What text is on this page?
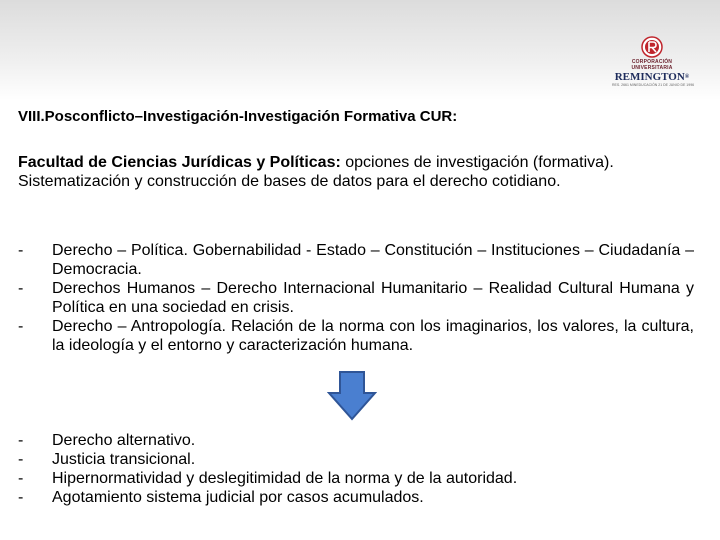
CORPORACIÓN
UNIVERSITARIA
REMINGTON®
RES. 2661 MINEDUCACIÓN 21 DE JUNIO DE 1996
VIII.Posconflicto–Investigación-Investigación Formativa CUR:

Facultad de Ciencias Jurídicas y Políticas: opciones de investigación (formativa).

Sistematización y construcción de bases de datos para el derecho cotidiano.

- Derecho – Política. Gobernabilidad - Estado – Constitución – Instituciones – Ciudadanía – Democracia.
- Derechos Humanos – Derecho Internacional Humanitario – Realidad Cultural Humana y Política en una sociedad en crisis.
- Derecho – Antropología. Relación de la norma con los imaginarios, los valores, la cultura, la ideología y el entorno y caracterización humana.
- Derecho alternativo.
- Justicia transicional.
- Hipernormatividad y deslegitimidad de la norma y de la autoridad.
- Agotamiento sistema judicial por casos acumulados.
